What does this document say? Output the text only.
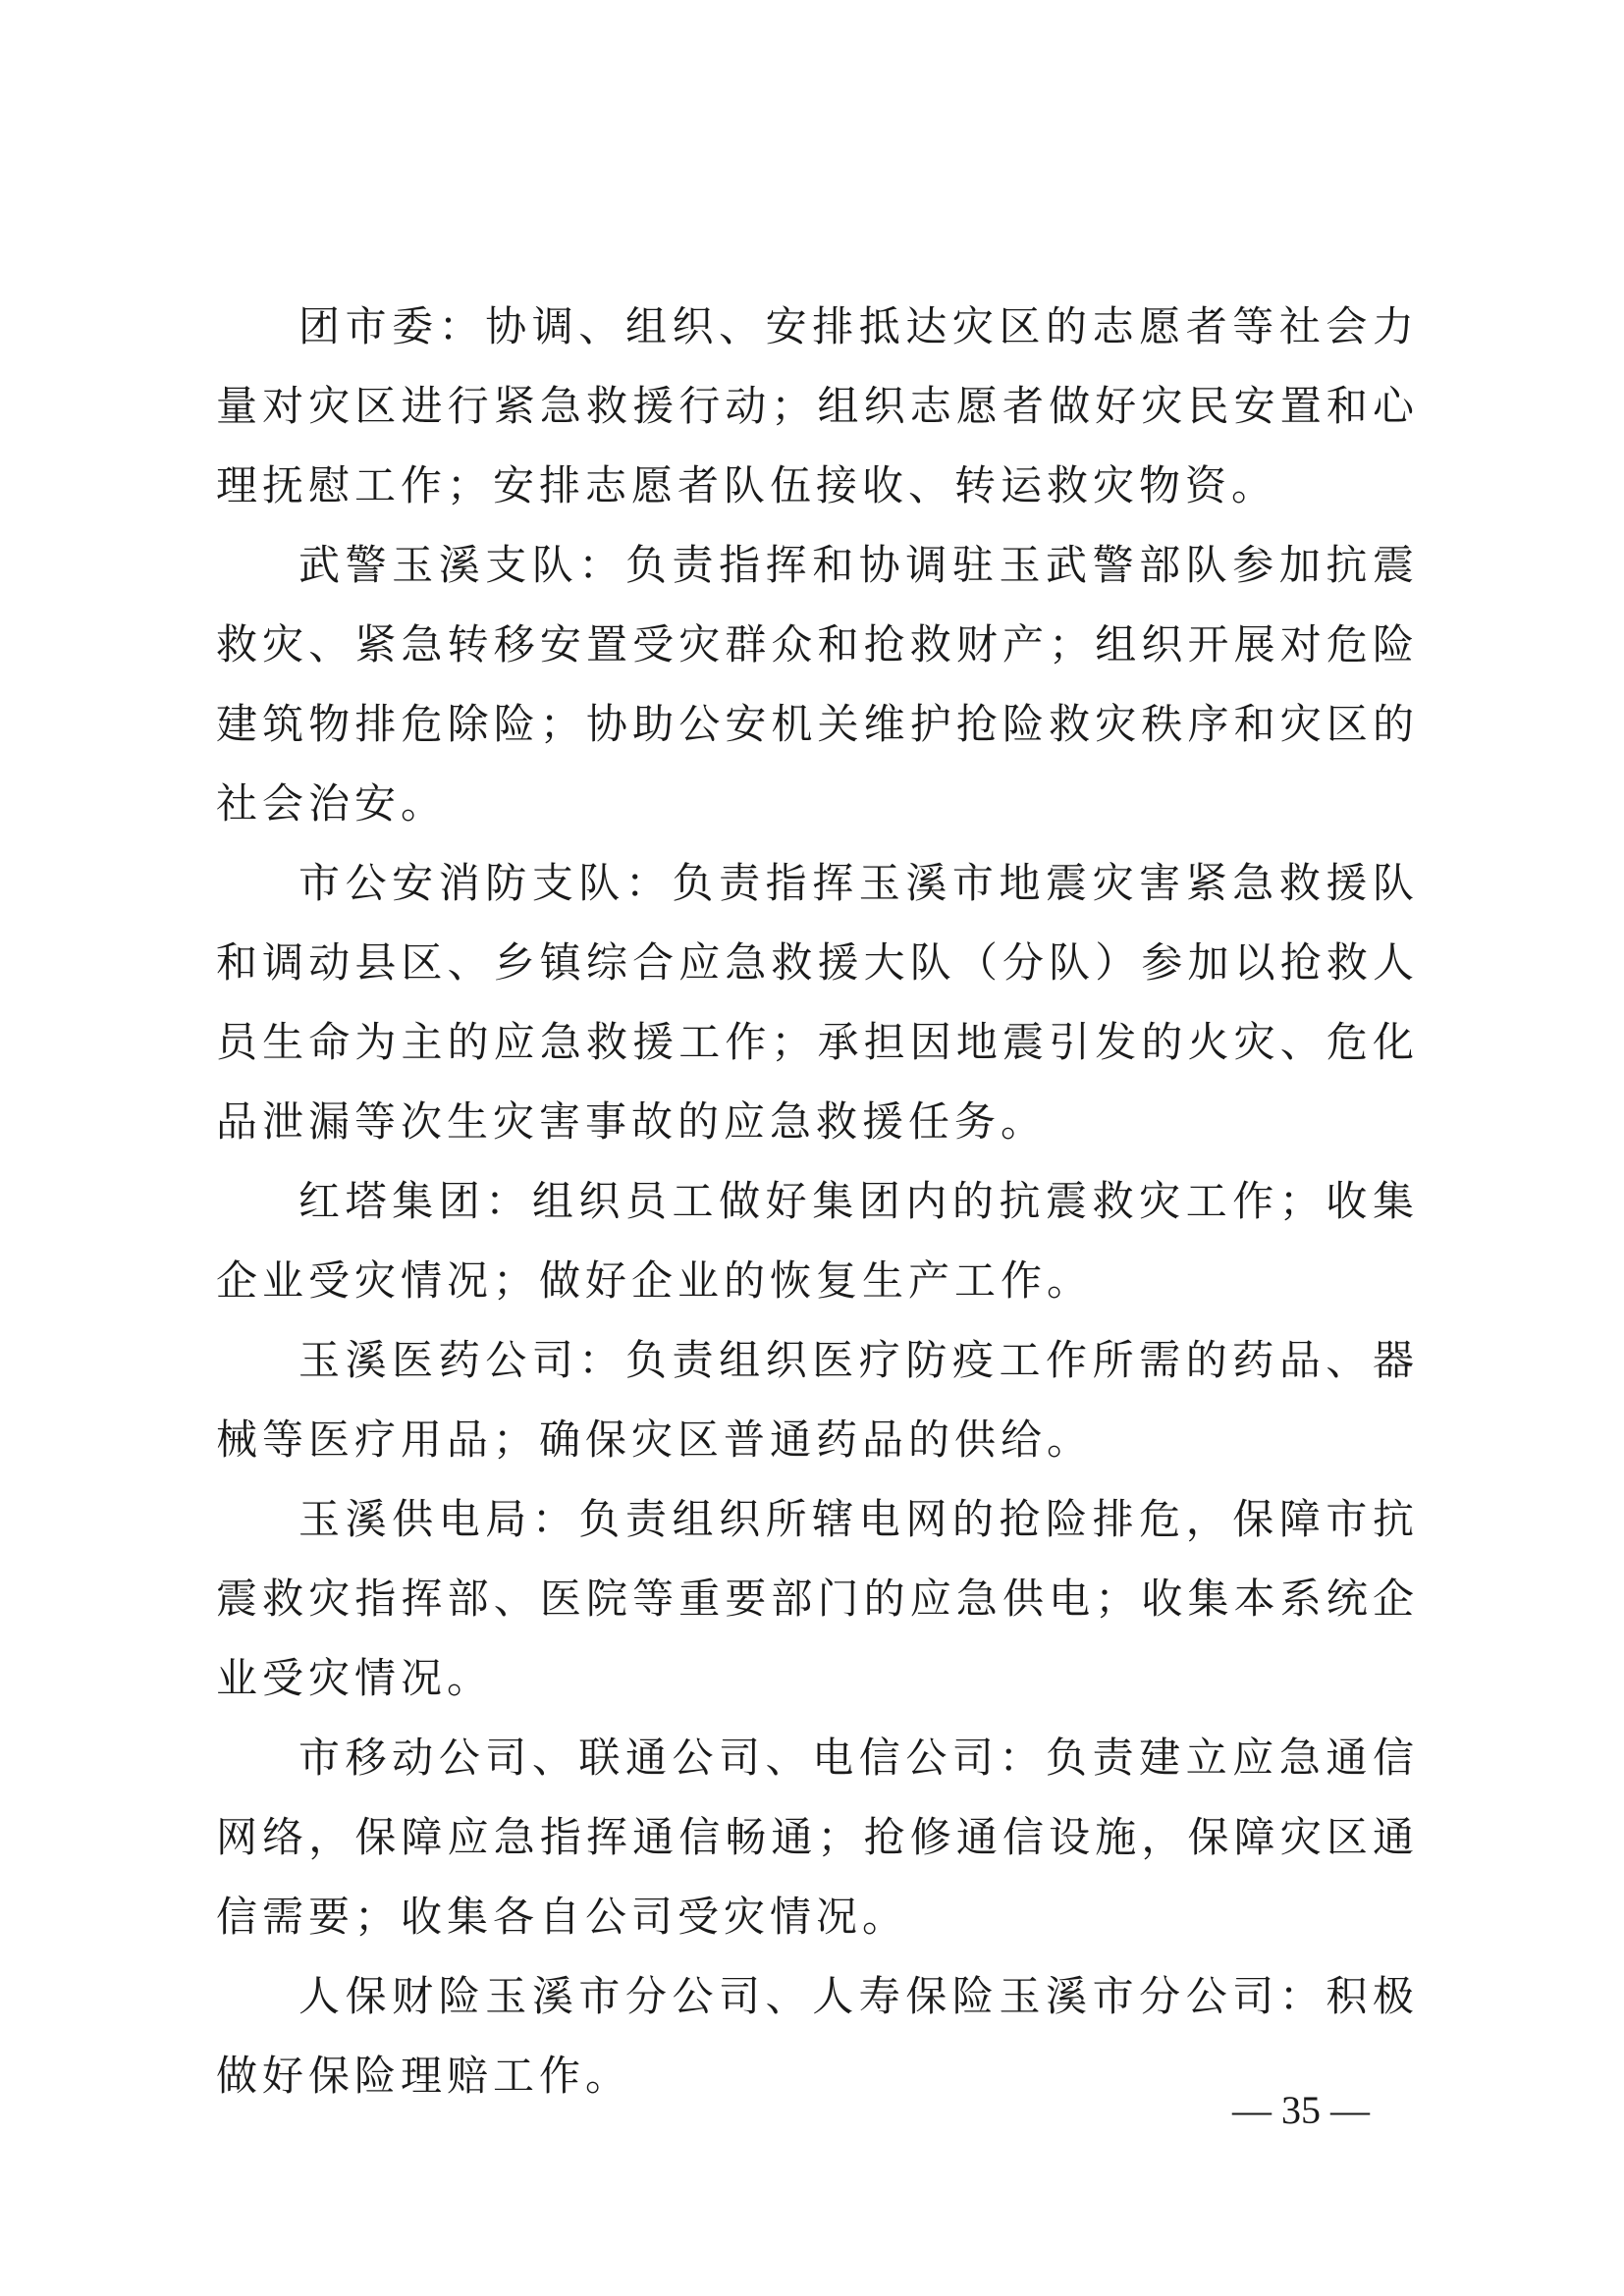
团市委：协调、组织、安排抵达灾区的志愿者等社会力量对灾区进行紧急救援行动；组织志愿者做好灾民安置和心理抚慰工作；安排志愿者队伍接收、转运救灾物资。

武警玉溪支队：负责指挥和协调驻玉武警部队参加抗震救灾、紧急转移安置受灾群众和抢救财产；组织开展对危险建筑物排危除险；协助公安机关维护抢险救灾秩序和灾区的社会治安。

市公安消防支队：负责指挥玉溪市地震灾害紧急救援队和调动县区、乡镇综合应急救援大队（分队）参加以抢救人员生命为主的应急救援工作；承担因地震引发的火灾、危化品泄漏等次生灾害事故的应急救援任务。

红塔集团：组织员工做好集团内的抗震救灾工作；收集企业受灾情况；做好企业的恢复生产工作。

玉溪医药公司：负责组织医疗防疫工作所需的药品、器械等医疗用品；确保灾区普通药品的供给。

玉溪供电局：负责组织所辖电网的抢险排危，保障市抗震救灾指挥部、医院等重要部门的应急供电；收集本系统企业受灾情况。

市移动公司、联通公司、电信公司：负责建立应急通信网络，保障应急指挥通信畅通；抢修通信设施，保障灾区通信需要；收集各自公司受灾情况。

人保财险玉溪市分公司、人寿保险玉溪市分公司：积极做好保险理赔工作。

— 35 —
